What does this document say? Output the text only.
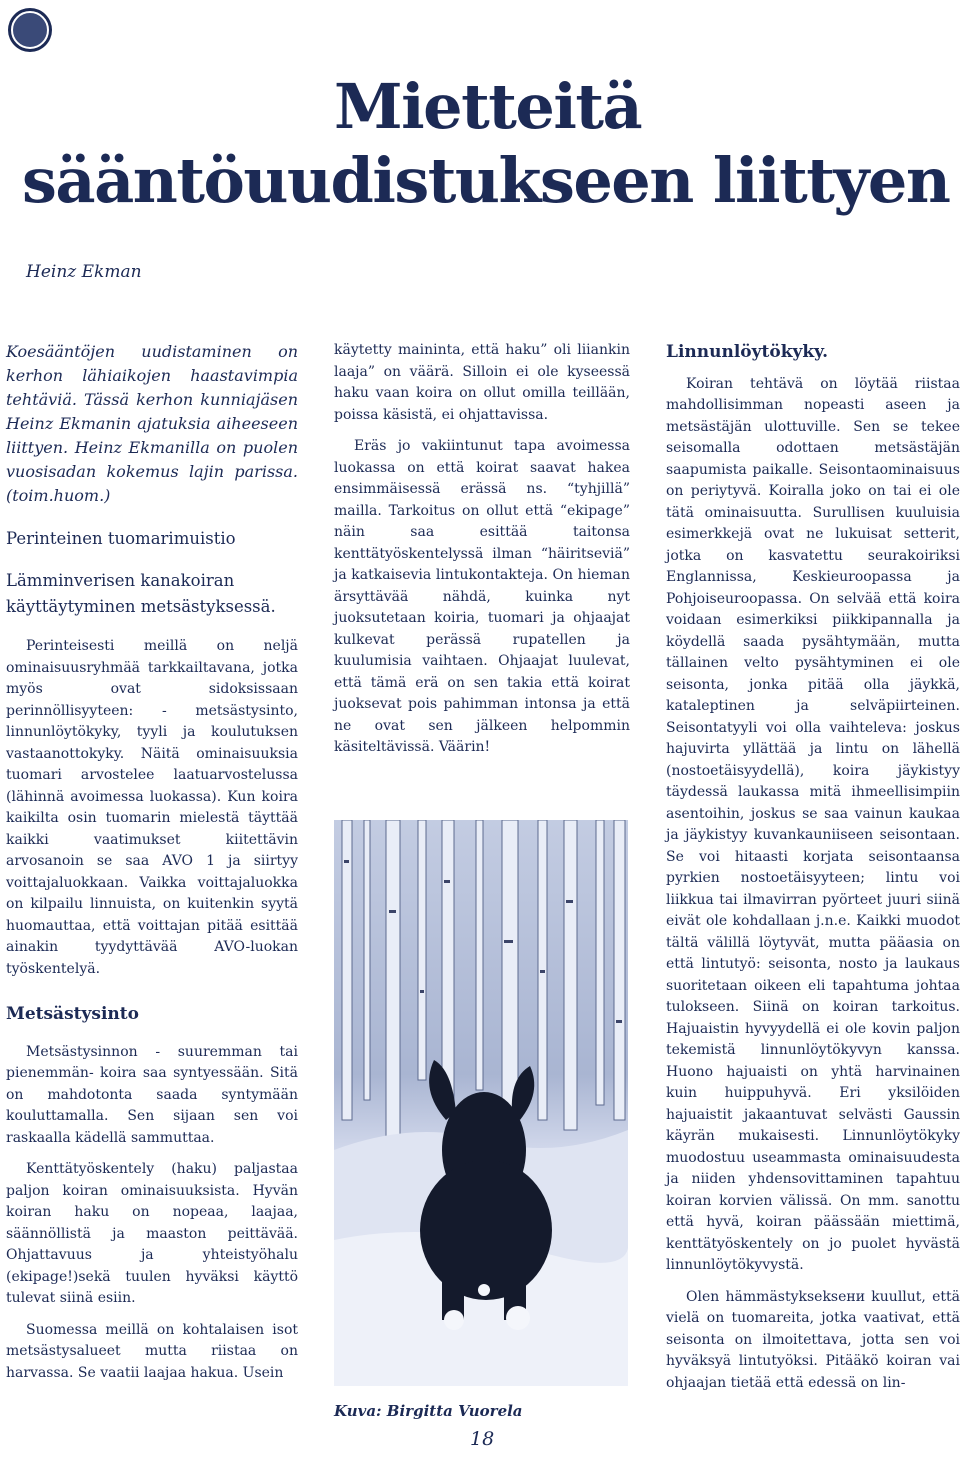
Mietteitä
sääntöuudistukseen liittyen

Heinz Ekman

Koesääntöjen uudistaminen on kerhon lähiaikojen haastavimpia tehtäviä. Tässä kerhon kunniajäsen Heinz Ekmanin ajatuksia aiheeseen liittyen. Heinz Ekmanilla on puolen vuosisadan kokemus lajin parissa. (toim.huom.)

Perinteinen tuomarimuistio
Lämminverisen kanakoiran käyttäytyminen metsästyksessä.

Perinteisesti meillä on neljä ominaisuusryhmää tarkkailtavana, jotka myös ovat sidoksissaan perinnöllisyyteen: - metsästysinto, linnunlöytökyky, tyyli ja koulutuksen vastaanottokyky. Näitä ominaisuuksia tuomari arvostelee laatuarvostelussa (lähinnä avoimessa luokassa). Kun koira kaikilta osin tuomarin mielestä täyttää kaikki vaatimukset kiitettävin arvosanoin se saa AVO 1 ja siirtyy voittajaluokkaan. Vaikka voittajaluokka on kilpailu linnuista, on kuitenkin syytä huomauttaa, että voittajan pitää esittää ainakin tyydyttävää AVO-luokan työskentelyä.

Metsästysinto

Metsästysinnon - suuremman tai pienemmän- koira saa syntyessään. Sitä on mahdotonta saada syntymään kouluttamalla. Sen sijaan sen voi raskaalla kädellä sammuttaa.

Kenttätyöskentely (haku) paljastaa paljon koiran ominaisuuksista. Hyvän koiran haku on nopeaa, laajaa, säännöllistä ja maaston peittävää. Ohjattavuus ja yhteistyöhalu (ekipage!)sekä tuulen hyväksi käyttö tulevat siinä esiin.

Suomessa meillä on kohtalaisen isot metsästysalueet mutta riistaa on harvassa. Se vaatii laajaa hakua. Usein

käytetty maininta, että haku” oli liiankin laaja” on väärä. Silloin ei ole kyseessä haku vaan koira on ollut omilla teillään, poissa käsistä, ei ohjattavissa.

Eräs jo vakiintunut tapa avoimessa luokassa on että koirat saavat hakea ensimmäisessä erässä ns. “tyhjillä” mailla. Tarkoitus on ollut että “ekipage” näin saa esittää taitonsa kenttätyöskentelyssä ilman “häiritseviä” ja katkaisevia lintukontakteja. On hieman ärsyttävää nähdä, kuinka nyt juoksutetaan koiria, tuomari ja ohjaajat kulkevat perässä rupatellen ja kuulumisia vaihtaen. Ohjaajat luulevat, että tämä erä on sen takia että koirat juoksevat pois pahimman intonsa ja että ne ovat sen jälkeen helpommin käsiteltävissä. Väärin!

Kuva: Birgitta Vuorela

Linnunlöytökyky.

Koiran tehtävä on löytää riistaa mahdollisimman nopeasti aseen ja metsästäjän ulottuville. Sen se tekee seisomalla odottaen metsästäjän saapumista paikalle. Seisontaominaisuus on periytyvä. Koiralla joko on tai ei ole tätä ominaisuutta. Surullisen kuuluisia esimerkkejä ovat ne lukuisat setterit, jotka on kasvatettu seurakoiriksi Englannissa, Keskieuroopassa ja Pohjoiseuroopassa. On selvää että koira voidaan esimerkiksi piikkipannalla ja köydellä saada pysähtymään, mutta tällainen velto pysähtyminen ei ole seisonta, jonka pitää olla jäykkä, kataleptinen ja selväpiirteinen. Seisontatyyli voi olla vaihteleva: joskus hajuvirta yllättää ja lintu on lähellä (nostoetäisyydellä), koira jäykistyy täydessä laukassa mitä ihmeellisimpiin asentoihin, joskus se saa vainun kaukaa ja jäykistyy kuvankauniiseen seisontaan. Se voi hitaasti korjata seisontaansa pyrkien nostoetäisyyteen; lintu voi liikkua tai ilmavirran pyörteet juuri siinä eivät ole kohdallaan j.n.e. Kaikki muodot tältä välillä löytyvät, mutta pääasia on että lintutyö: seisonta, nosto ja laukaus suoritetaan oikeen eli tapahtuma johtaa tulokseen. Siinä on koiran tarkoitus. Hajuaistin hyvyydellä ei ole kovin paljon tekemistä linnunlöytökyvyn kanssa. Huono hajuaisti on yhtä harvinainen kuin huippuhyvä. Eri yksilöiden hajuaistit jakaantuvat selvästi Gaussin käyrän mukaisesti. Linnunlöytökyky muodostuu useammasta ominaisuudesta ja niiden yhdensovittaminen tapahtuu koiran korvien välissä. On mm. sanottu että hyvä, koiran päässään miettimä, kenttätyöskentely on jo puolet hyvästä linnunlöytökyvystä.

Olen hämmästykseksени kuullut, että vielä on tuomareita, jotka vaativat, että seisonta on ilmoitettava, jotta sen voi hyväksyä lintutyöksi. Pitääkö koiran vai ohjaajan tietää että edessä on lin-

18
